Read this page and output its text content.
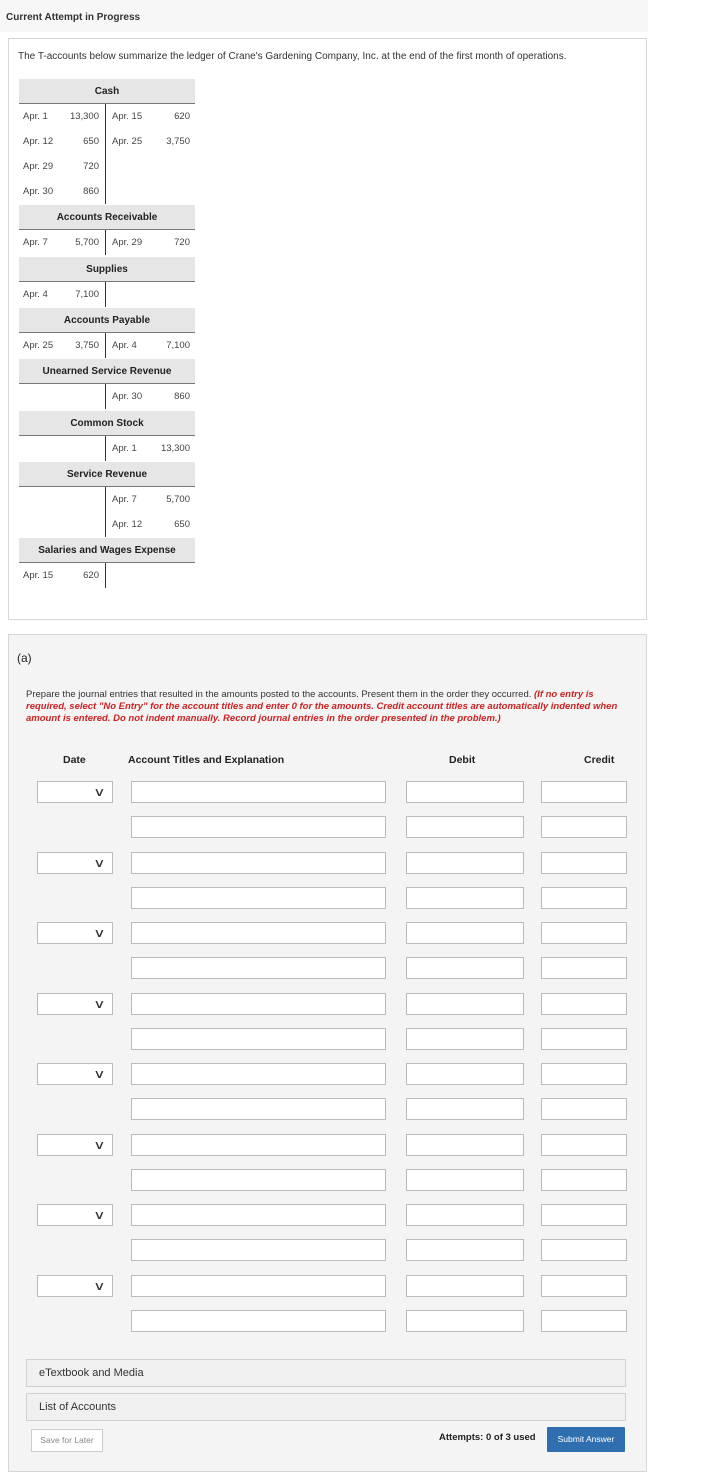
Current Attempt in Progress
The T-accounts below summarize the ledger of Crane's Gardening Company, Inc. at the end of the first month of operations.
Cash
Apr. 1 13,300 Apr. 15	620
Apr. 12	650 Apr. 25	3,750
Apr. 29	720
Apr. 30	860
Accounts Receivable
Apr. 7	5,700 Apr. 29	720
Supplies
Apr. 4	7,100
Accounts Payable
Apr. 25 3,750 Apr. 4	7,100
Unearned Service Revenue
Apr. 30	860
Common Stock
Apr. 1	13,300
Service Revenue
Apr. 7	5,700
Apr. 12	650
Salaries and Wages Expense
Apr. 15	620
(a)
Prepare the journal entries that resulted in the amounts posted to the accounts. Present them in the order they occurred. (If no entry is required, select "No Entry" for the account titles and enter 0 for the amounts. Credit account titles are automatically indented when amount is entered. Do not indent manually. Record journal entries in the order presented in the problem.)
Date	Account Titles and Explanation	Debit	Credit
∨
∨
∨
∨
∨
∨
∨
∨
eTextbook and Media
List of Accounts
Save for Later	Attempts: 0 of 3 used	Submit Answer
